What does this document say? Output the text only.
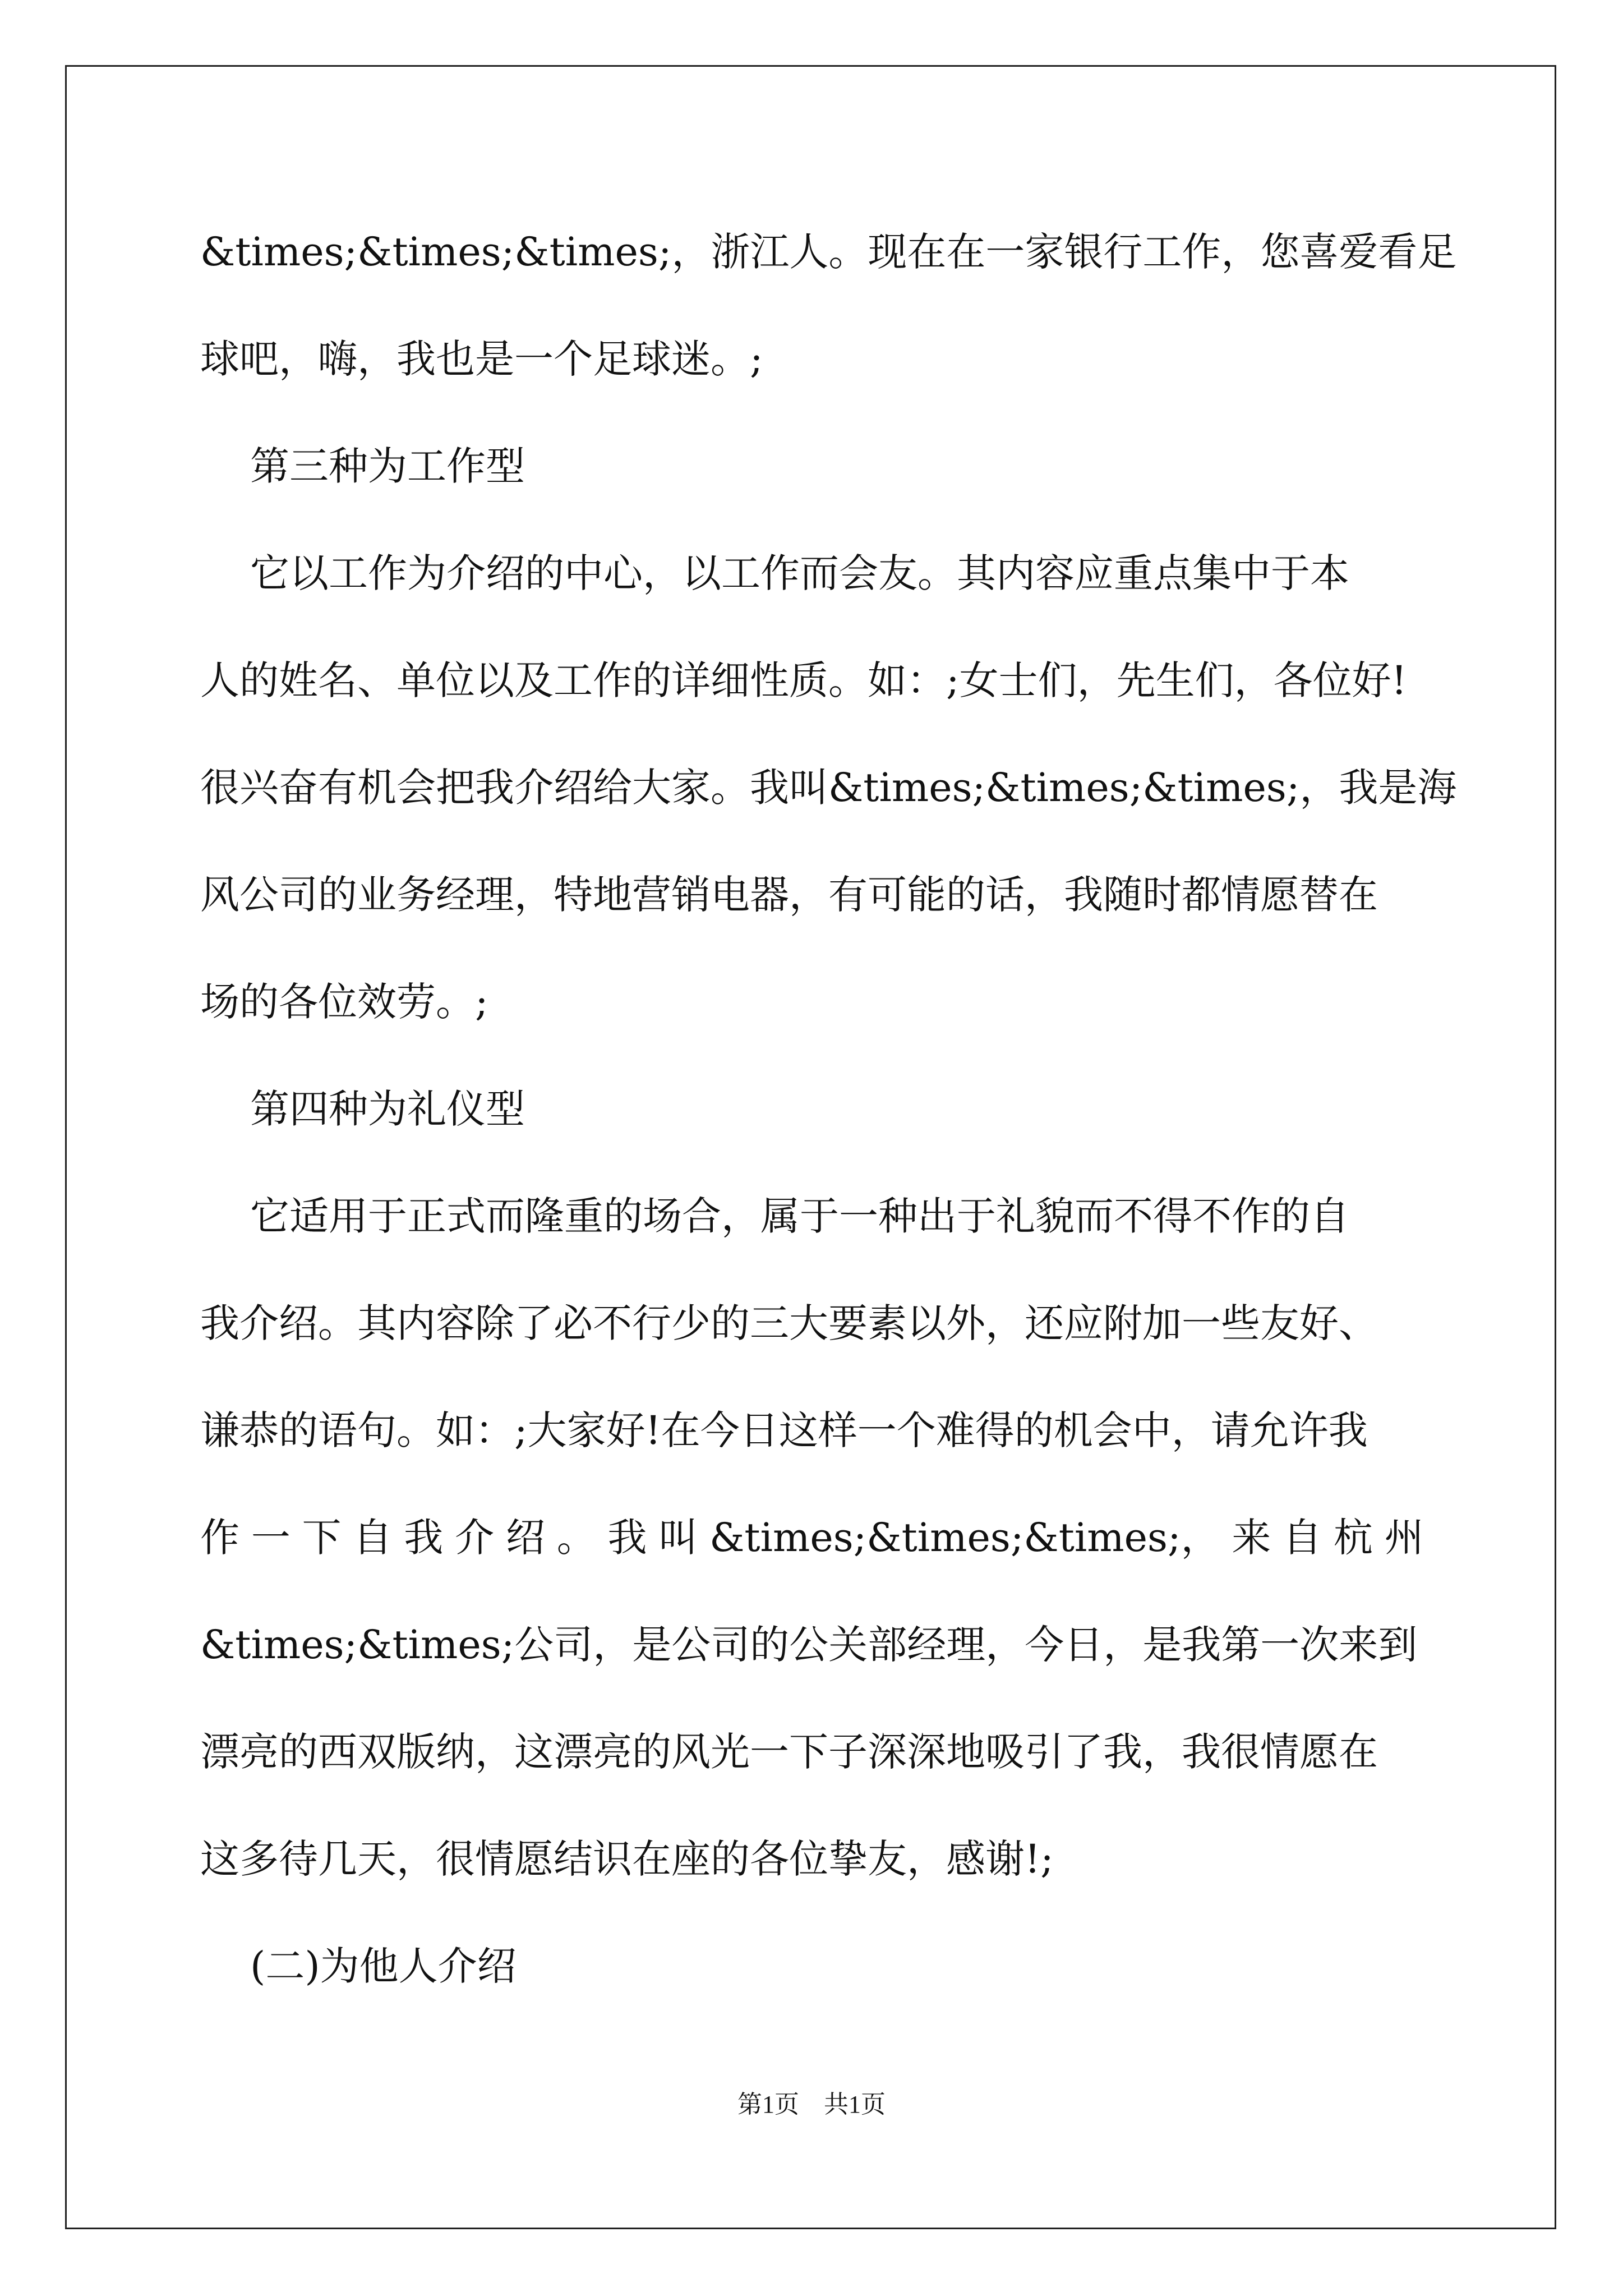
&times;&times;&times;，浙江人。现在在一家银行工作，您喜爱看足
球吧，嗨，我也是一个足球迷。;
第三种为工作型
它以工作为介绍的中心，以工作而会友。其内容应重点集中于本
人的姓名、单位以及工作的详细性质。如：;女士们，先生们，各位好!
很兴奋有机会把我介绍给大家。我叫&times;&times;&times;，我是海
风公司的业务经理，特地营销电器，有可能的话，我随时都情愿替在
场的各位效劳。;
第四种为礼仪型
它适用于正式而隆重的场合，属于一种出于礼貌而不得不作的自
我介绍。其内容除了必不行少的三大要素以外，还应附加一些友好、
谦恭的语句。如：;大家好!在今日这样一个难得的机会中，请允许我
作 一 下 自 我 介 绍 。 我 叫 &times;&times;&times;， 来 自 杭 州
&times;&times;公司，是公司的公关部经理，今日，是我第一次来到
漂亮的西双版纳，这漂亮的风光一下子深深地吸引了我，我很情愿在
这多待几天，很情愿结识在座的各位挚友，感谢!;
(二)为他人介绍
第1页　共1页
